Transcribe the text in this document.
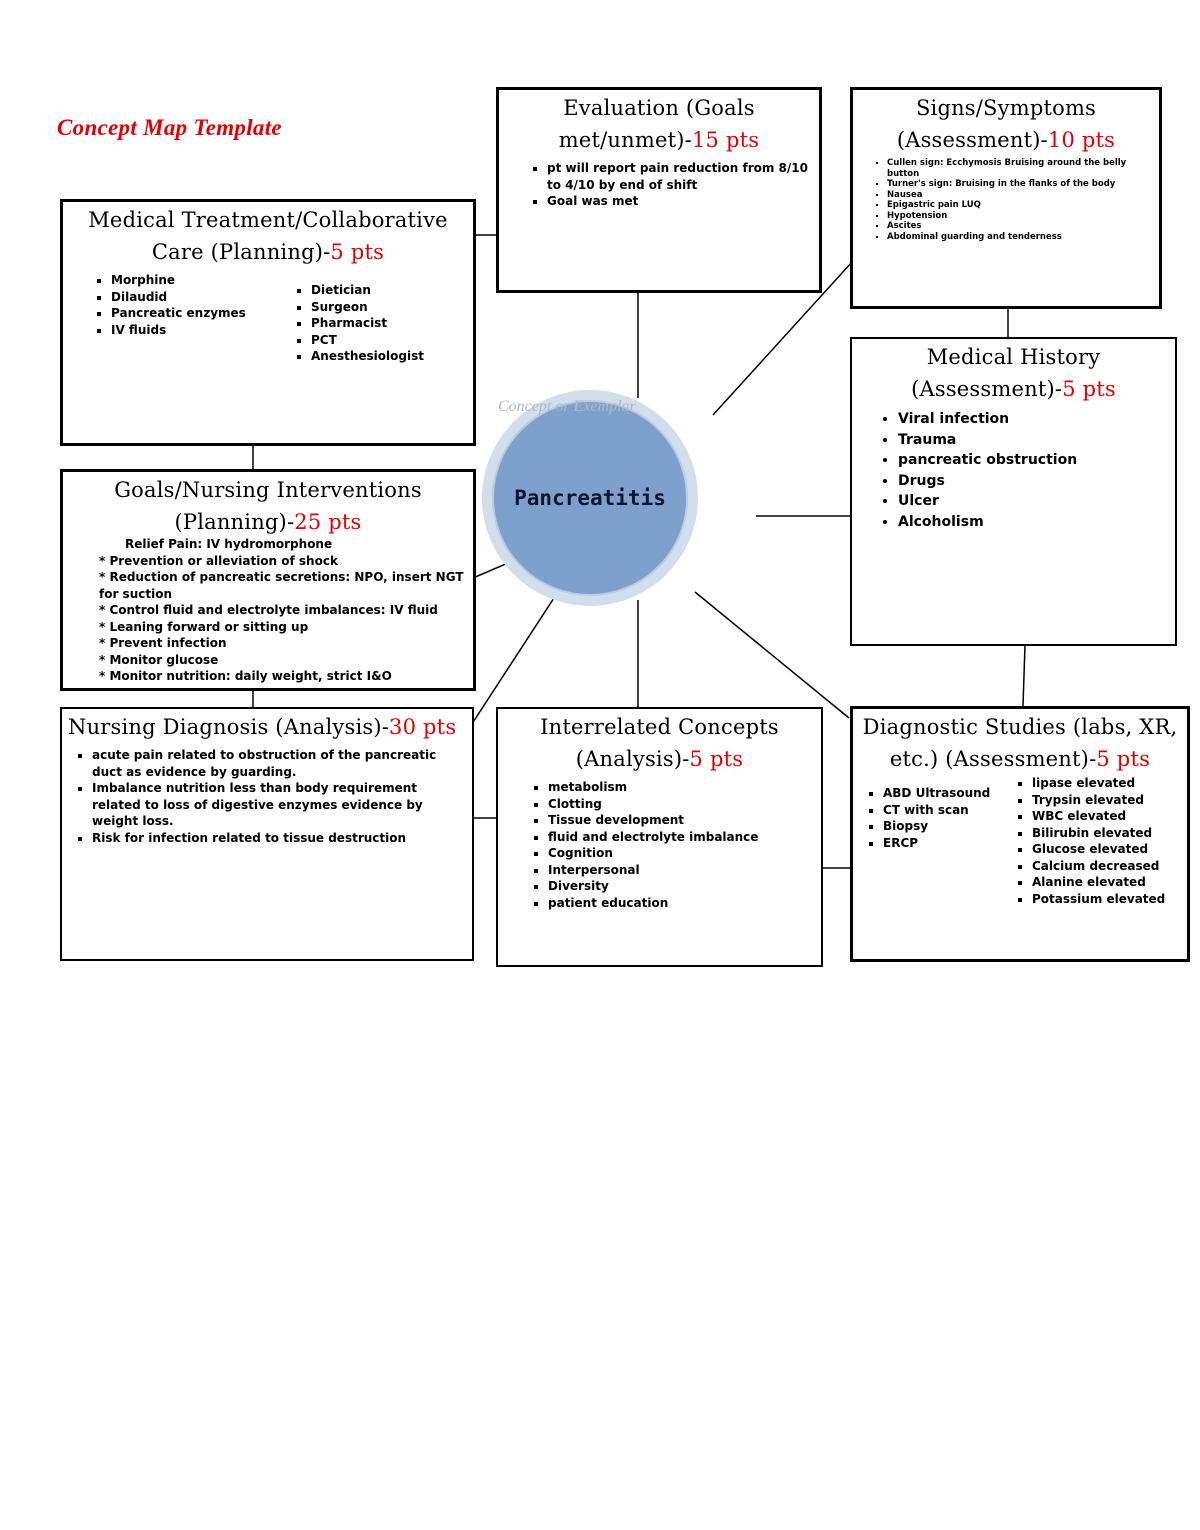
Concept Map Template
Evaluation (Goals met/unmet)-15 pts
▪ pt will report pain reduction from 8/10 to 4/10 by end of shift
▪ Goal was met
Signs/Symptoms (Assessment)-10 pts
▪ Cullen sign: Ecchymosis Bruising around the belly button
▪ Turner's sign: Bruising in the flanks of the body
▪ Nausea
▪ Epigastric pain LUQ
▪ Hypotension
▪ Ascites
▪ Abdominal guarding and tenderness
Medical Treatment/Collaborative Care (Planning)-5 pts
▪ Morphine
▪ Dilaudid
▪ Pancreatic enzymes
▪ IV fluids
▪ Dietician
▪ Surgeon
▪ Pharmacist
▪ PCT
▪ Anesthesiologist	Medical History (Assessment)-5 pts
• Viral infection
• Trauma
• pancreatic obstruction
• Drugs
• Ulcer
• Alcoholism
Pancreatitis
Concept or Exemplar
Goals/Nursing Interventions (Planning)-25 pts
Relief Pain: IV hydromorphone
* Prevention or alleviation of shock
* Reduction of pancreatic secretions: NPO, insert NGT for suction
* Control fluid and electrolyte imbalances: IV fluid
* Leaning forward or sitting up
* Prevent infection
* Monitor glucose
* Monitor nutrition: daily weight, strict I&O
Nursing Diagnosis (Analysis)-30 pts
▪ acute pain related to obstruction of the pancreatic duct as evidence by guarding.
▪ Imbalance nutrition less than body requirement related to loss of digestive enzymes evidence by weight loss.
▪ Risk for infection related to tissue destruction
Interrelated Concepts (Analysis)-5 pts
▪ metabolism
▪ Clotting
▪ Tissue development
▪ fluid and electrolyte imbalance
▪ Cognition
▪ Interpersonal
▪ Diversity
▪ patient education
Diagnostic Studies (labs, XR, etc.) (Assessment)-5 pts
▪ ABD Ultrasound
▪ CT with scan
▪ Biopsy
▪ ERCP
▪ lipase elevated
▪ Trypsin elevated
▪ WBC elevated
▪ Bilirubin elevated
▪ Glucose elevated
▪ Calcium decreased
▪ Alanine elevated
▪ Potassium elevated
